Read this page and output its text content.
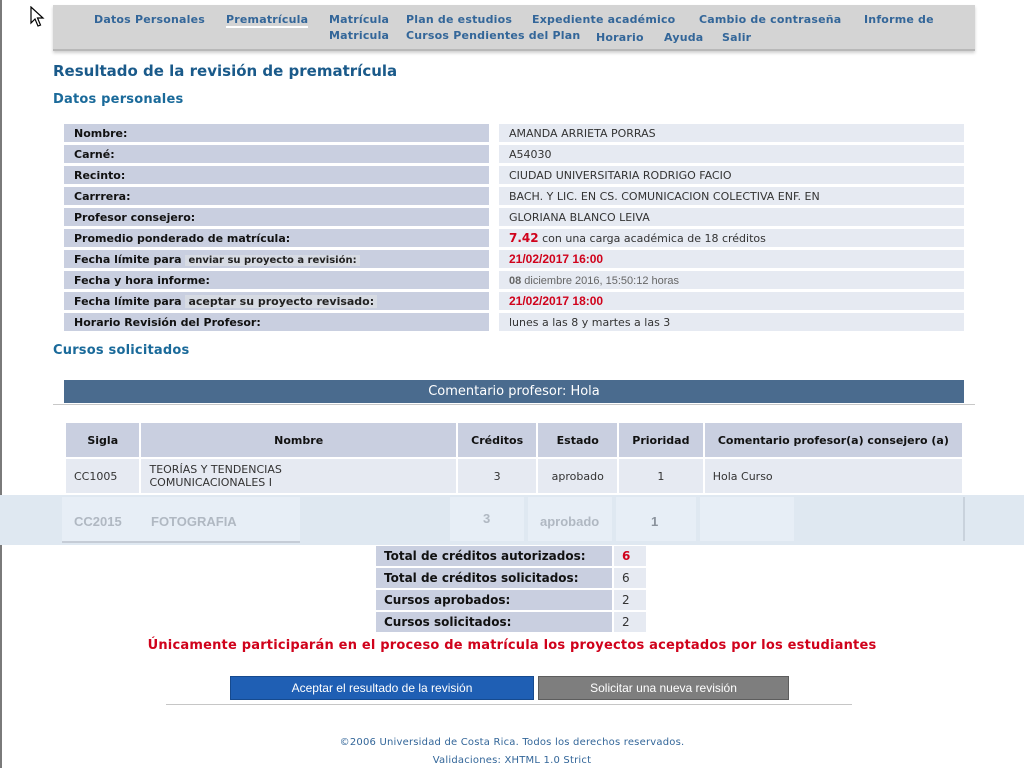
Datos Personales Prematrícula Matrícula Plan de estudios Expediente académico Cambio de contraseña Informe de
Matricula Cursos Pendientes del Plan Horario Ayuda Salir
Resultado de la revisión de prematrícula
Datos personales
Nombre:	AMANDA ARRIETA PORRAS
Carné:	A54030
Recinto:	CIUDAD UNIVERSITARIA RODRIGO FACIO
Carrrera:	BACH. Y LIC. EN CS. COMUNICACION COLECTIVA ENF. EN
Profesor consejero:	GLORIANA BLANCO LEIVA
Promedio ponderado de matrícula:	7.42 con una carga académica de 18 créditos
Fecha límite para enviar su proyecto a revisión:	21/02/2017 16:00
Fecha y hora informe:	08 diciembre 2016, 15:50:12 horas
Fecha límite para aceptar su proyecto revisado:	21/02/2017 18:00
Horario Revisión del Profesor:	lunes a las 8 y martes a las 3
Cursos solicitados
Comentario profesor: Hola
Sigla	Nombre	Créditos	Estado	Prioridad	Comentario profesor(a) consejero (a)
CC1005	TEORÍAS Y TENDENCIAS
COMUNICACIONALES I	3	aprobado	1	Hola Curso
CC2015 FOTOGRAFIA	3	aprobado	1
Total de créditos autorizados:	6
Total de créditos solicitados:	6
Cursos aprobados:	2
Cursos solicitados:	2
Únicamente participarán en el proceso de matrícula los proyectos aceptados por los estudiantes
Aceptar el resultado de la revisión	Solicitar una nueva revisión
©2006 Universidad de Costa Rica. Todos los derechos reservados.
Validaciones: XHTML 1.0 Strict
